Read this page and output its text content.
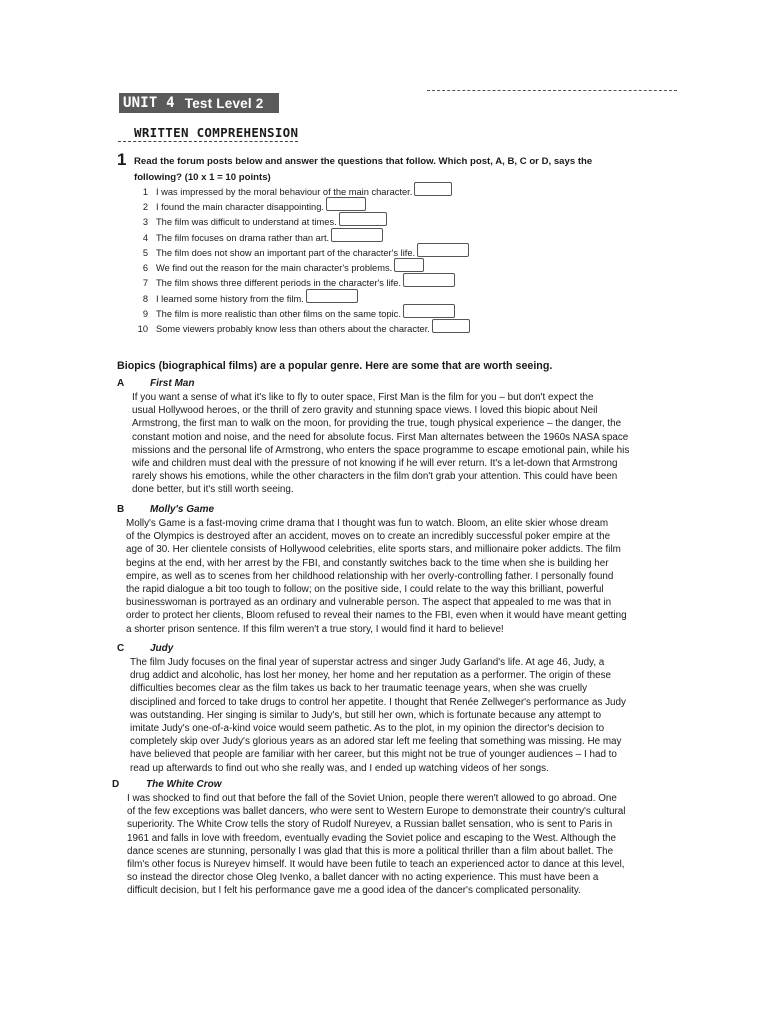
UNIT 4 Test Level 2
WRITTEN COMPREHENSION
1 Read the forum posts below and answer the questions that follow. Which post, A, B, C or D, says the following? (10 x 1 = 10 points)
1 I was impressed by the moral behaviour of the main character.
2 I found the main character disappointing.
3 The film was difficult to understand at times.
4 The film focuses on drama rather than art.
5 The film does not show an important part of the character's life.
6 We find out the reason for the main character's problems.
7 The film shows three different periods in the character's life.
8 I learned some history from the film.
9 The film is more realistic than other films on the same topic.
10 Some viewers probably know less than others about the character.
Biopics (biographical films) are a popular genre. Here are some that are worth seeing.
A	First Man
If you want a sense of what it's like to fly to outer space, First Man is the film for you – but don't expect the
usual Hollywood heroes, or the thrill of zero gravity and stunning space views. I loved this biopic about Neil
Armstrong, the first man to walk on the moon, for providing the true, tough physical experience – the danger, the
constant motion and noise, and the need for absolute focus. First Man alternates between the 1960s NASA space
missions and the personal life of Armstrong, who enters the space programme to escape emotional pain, while his
wife and children must deal with the pressure of not knowing if he will ever return. It's a let-down that Armstrong
rarely shows his emotions, while the other characters in the film don't grab your attention. This could have been
done better, but it's still worth seeing.
B	Molly's Game
Molly's Game is a fast-moving crime drama that I thought was fun to watch. Bloom, an elite skier whose dream
of the Olympics is destroyed after an accident, moves on to create an incredibly successful poker empire at the
age of 30. Her clientele consists of Hollywood celebrities, elite sports stars, and millionaire poker addicts. The film
begins at the end, with her arrest by the FBI, and constantly switches back to the time when she is building her
empire, as well as to scenes from her childhood relationship with her overly-controlling father. I personally found
the rapid dialogue a bit too tough to follow; on the positive side, I could relate to the way this brilliant, powerful
businesswoman is portrayed as an ordinary and vulnerable person. The aspect that appealed to me was that in
order to protect her clients, Bloom refused to reveal their names to the FBI, even when it would have meant getting
a shorter prison sentence. If this film weren't a true story, I would find it hard to believe!
C	Judy
The film Judy focuses on the final year of superstar actress and singer Judy Garland's life. At age 46, Judy, a
drug addict and alcoholic, has lost her money, her home and her reputation as a performer. The origin of these
difficulties becomes clear as the film takes us back to her traumatic teenage years, when she was cruelly
disciplined and forced to take drugs to control her appetite. I thought that Renée Zellweger's performance as Judy
was outstanding. Her singing is similar to Judy's, but still her own, which is fortunate because any attempt to
imitate Judy's one-of-a-kind voice would seem pathetic. As to the plot, in my opinion the director's decision to
completely skip over Judy's glorious years as an adored star left me feeling that something was missing. He may
have believed that people are familiar with her career, but this might not be true of younger audiences – I had to
read up afterwards to find out who she really was, and I ended up watching videos of her songs.
D	The White Crow
I was shocked to find out that before the fall of the Soviet Union, people there weren't allowed to go abroad. One
of the few exceptions was ballet dancers, who were sent to Western Europe to demonstrate their country's cultural
superiority. The White Crow tells the story of Rudolf Nureyev, a Russian ballet sensation, who is sent to Paris in
1961 and falls in love with freedom, eventually evading the Soviet police and escaping to the West. Although the
dance scenes are stunning, personally I was glad that this is more a political thriller than a film about ballet. The
film's other focus is Nureyev himself. It would have been futile to teach an experienced actor to dance at this level,
so instead the director chose Oleg Ivenko, a ballet dancer with no acting experience. This must have been a
difficult decision, but I felt his performance gave me a good idea of the dancer's complicated personality.
